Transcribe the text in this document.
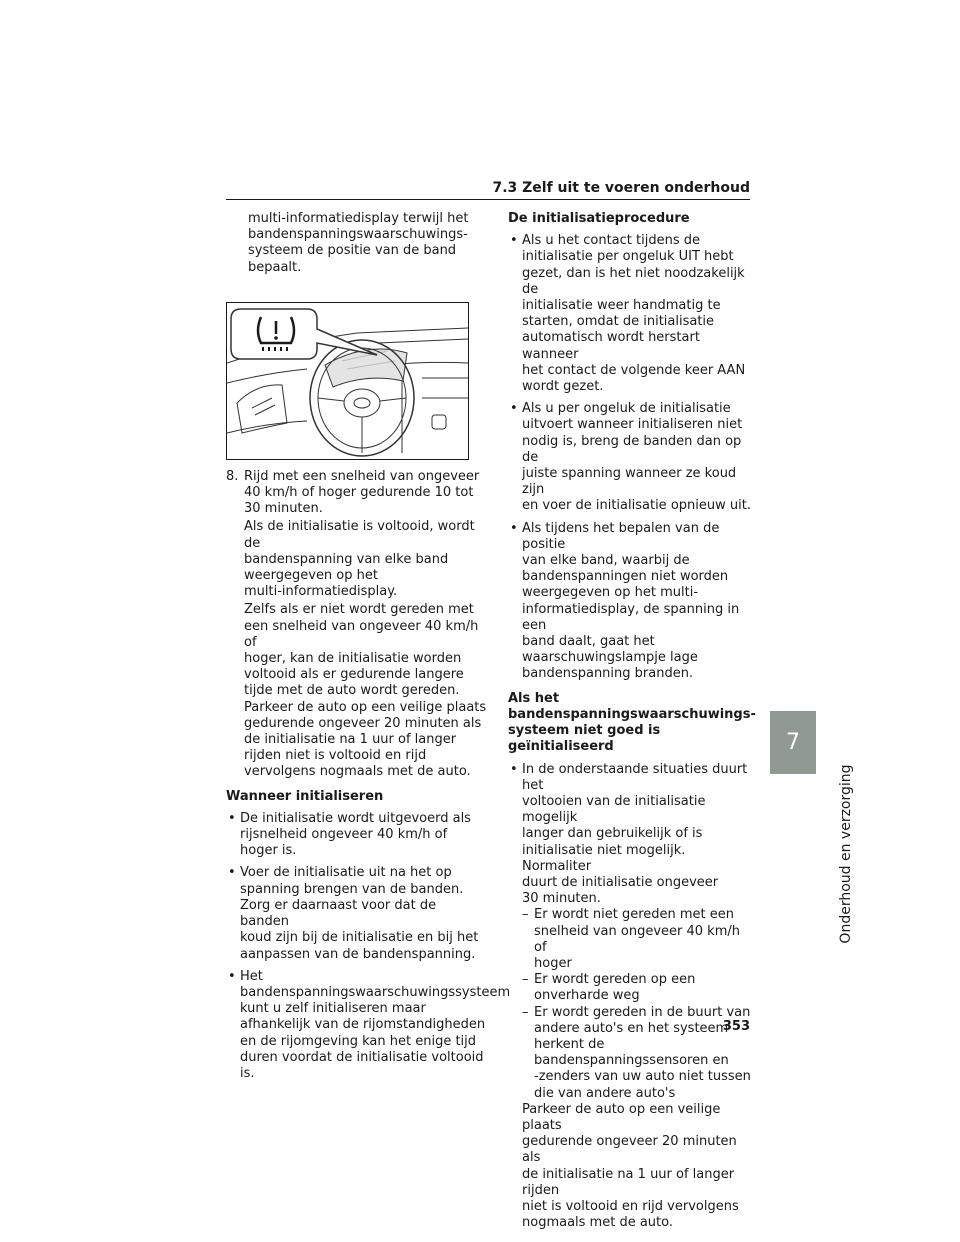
7.3 Zelf uit te voeren onderhoud

multi-informatiedisplay terwijl het

bandenspanningswaarschuwings-

systeem de positie van de band

bepaalt.

8. Rijd met een snelheid van ongeveer
40 km/h of hoger gedurende 10 tot
30 minuten.

Als de initialisatie is voltooid, wordt de
bandenspanning van elke band
weergegeven op het
multi-informatiedisplay.

Zelfs als er niet wordt gereden met
een snelheid van ongeveer 40 km/h of
hoger, kan de initialisatie worden
voltooid als er gedurende langere
tijde met de auto wordt gereden.
Parkeer de auto op een veilige plaats
gedurende ongeveer 20 minuten als
de initialisatie na 1 uur of langer
rijden niet is voltooid en rijd
vervolgens nogmaals met de auto.

Wanneer initialiseren

• De initialisatie wordt uitgevoerd als
rijsnelheid ongeveer 40 km/h of
hoger is.
• Voer de initialisatie uit na het op
spanning brengen van de banden.
Zorg er daarnaast voor dat de banden
koud zijn bij de initialisatie en bij het
aanpassen van de bandenspanning.
• Het
bandenspanningswaarschuwingssysteem
kunt u zelf initialiseren maar
afhankelijk van de rijomstandigheden
en de rijomgeving kan het enige tijd
duren voordat de initialisatie voltooid
is.

De initialisatieprocedure

• Als u het contact tijdens de
initialisatie per ongeluk UIT hebt
gezet, dan is het niet noodzakelijk de
initialisatie weer handmatig te
starten, omdat de initialisatie
automatisch wordt herstart wanneer
het contact de volgende keer AAN
wordt gezet.
• Als u per ongeluk de initialisatie
uitvoert wanneer initialiseren niet
nodig is, breng de banden dan op de
juiste spanning wanneer ze koud zijn
en voer de initialisatie opnieuw uit.
• Als tijdens het bepalen van de positie
van elke band, waarbij de
bandenspanningen niet worden
weergegeven op het multi-
informatiedisplay, de spanning in een
band daalt, gaat het
waarschuwingslampje lage
bandenspanning branden.

Als het
bandenspanningswaarschuwings-
systeem niet goed is geïnitialiseerd

• In de onderstaande situaties duurt het
voltooien van de initialisatie mogelijk
langer dan gebruikelijk of is
initialisatie niet mogelijk. Normaliter
duurt de initialisatie ongeveer
30 minuten.
– Er wordt niet gereden met een
snelheid van ongeveer 40 km/h of
hoger
– Er wordt gereden op een
onverharde weg
– Er wordt gereden in de buurt van
andere auto's en het systeem
herkent de
bandenspanningssensoren en
-zenders van uw auto niet tussen
die van andere auto's
Parkeer de auto op een veilige plaats
gedurende ongeveer 20 minuten als
de initialisatie na 1 uur of langer rijden
niet is voltooid en rijd vervolgens
nogmaals met de auto.
7
Onderhoud en verzorging
353
